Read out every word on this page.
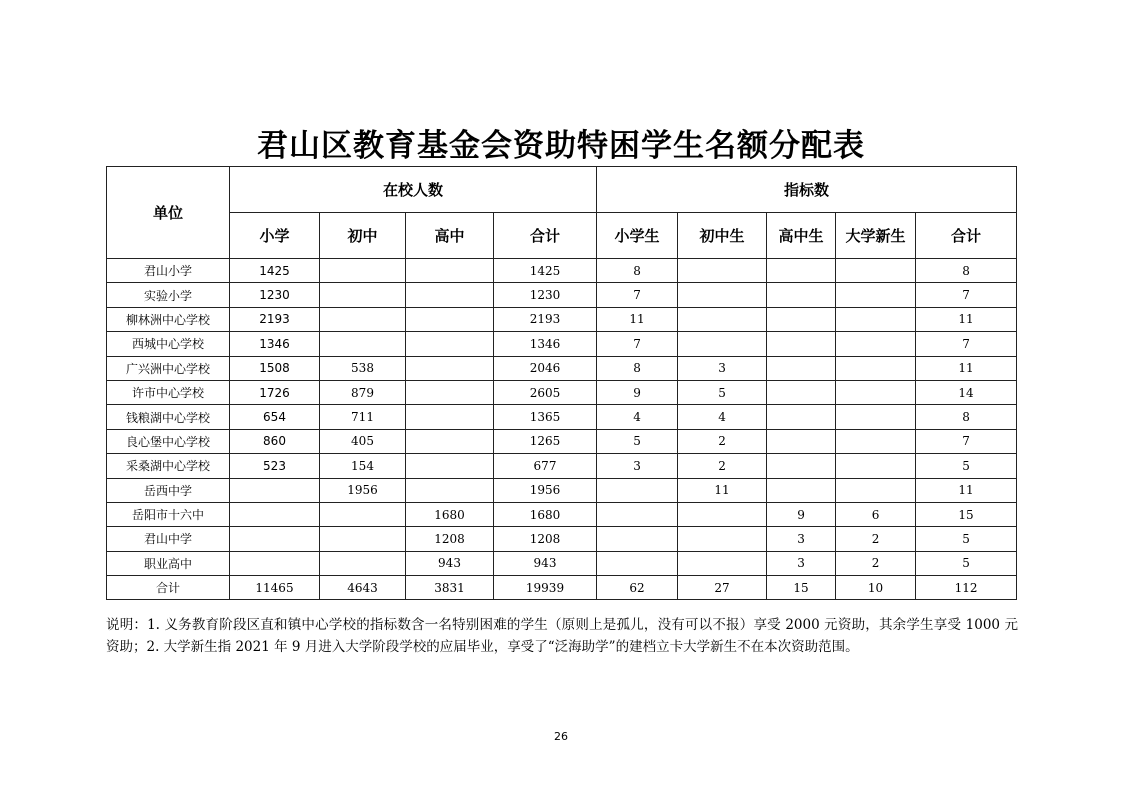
君山区教育基金会资助特困学生名额分配表
单位	在校人数				指标数				
	小学	初中	高中	合计	小学生	初中生	高中生	大学新生	合计
君山小学	1425			1425	8				8
实验小学	1230			1230	7				7
柳林洲中心学校	2193			2193	11				11
西城中心学校	1346			1346	7				7
广兴洲中心学校	1508	538		2046	8	3			11
许市中心学校	1726	879		2605	9	5			14
钱粮湖中心学校	654	711		1365	4	4			8
良心堡中心学校	860	405		1265	5	2			7
采桑湖中心学校	523	154		677	3	2			5
岳西中学		1956		1956		11			11
岳阳市十六中			1680	1680			9	6	15
君山中学			1208	1208			3	2	5
职业高中			943	943			3	2	5
合计	11465	4643	3831	19939	62	27	15	10	112
说明：1. 义务教育阶段区直和镇中心学校的指标数含一名特别困难的学生（原则上是孤儿，没有可以不报）享受 2000 元资助，其余学生享受 1000 元资助；2. 大学新生指 2021 年 9 月进入大学阶段学校的应届毕业，享受了“泛海助学”的建档立卡大学新生不在本次资助范围。
26
